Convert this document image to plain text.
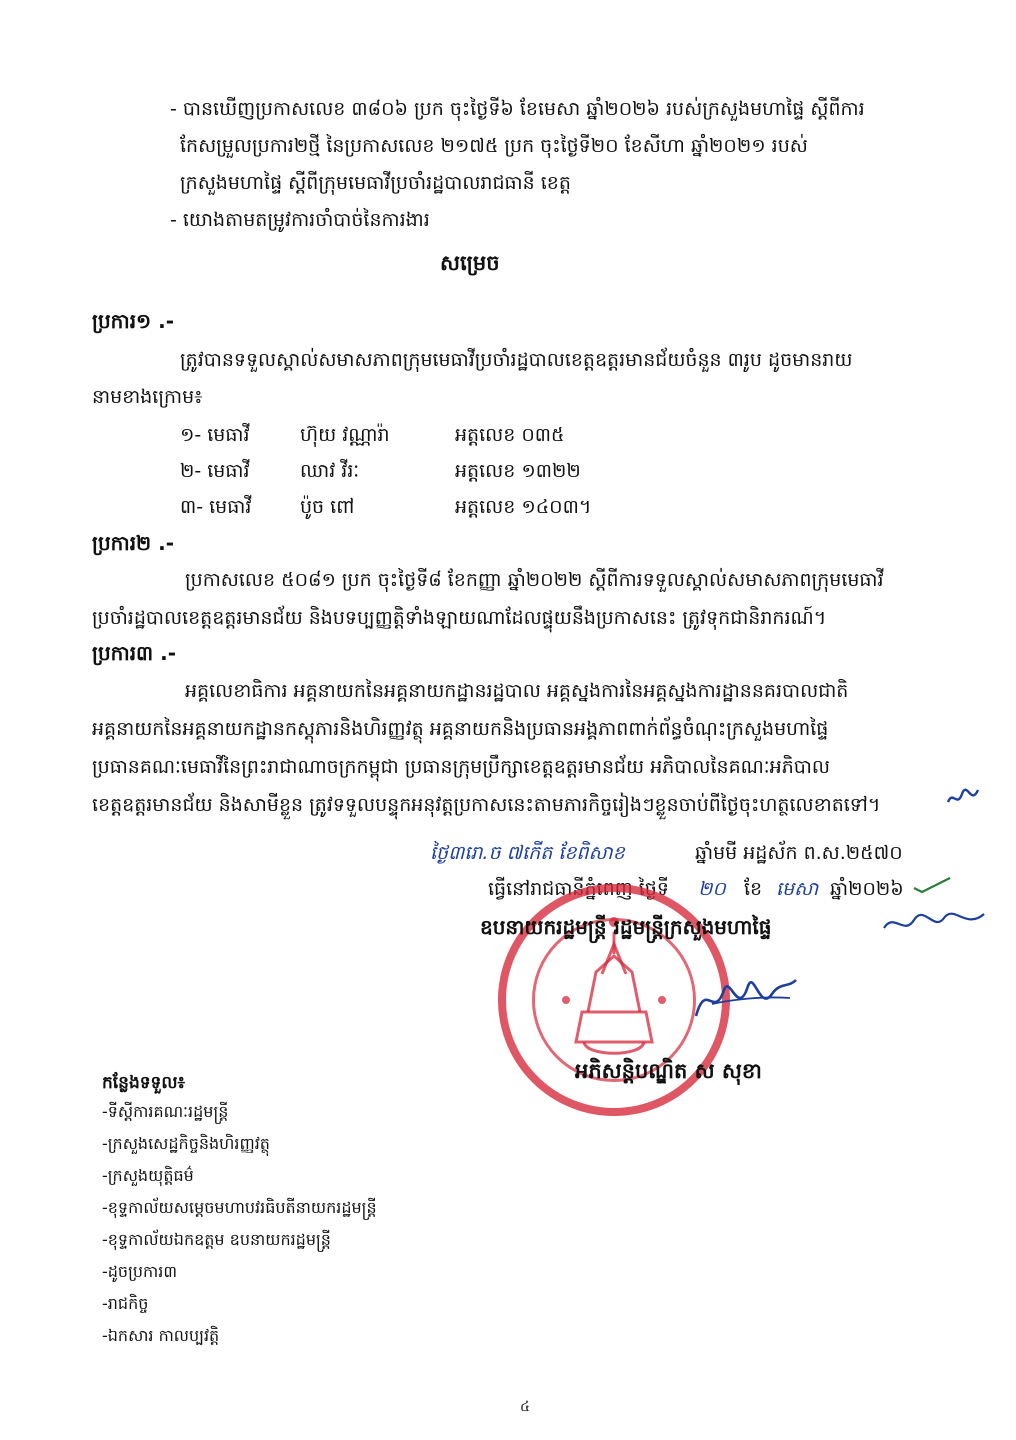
- បានឃើញប្រកាសលេខ ៣៨០៦ ប្រក ចុះថ្ងៃទី៦ ខែមេសា ឆ្នាំ២០២៦ របស់ក្រសួងមហាផ្ទៃ ស្តីពីការ
កែសម្រួលប្រការ២ថ្មី នៃប្រកាសលេខ ២១៧៥ ប្រក ចុះថ្ងៃទី២០ ខែសីហា ឆ្នាំ២០២១ របស់
ក្រសួងមហាផ្ទៃ ស្តីពីក្រុមមេធាវីប្រចាំរដ្ឋបាលរាជធានី ខេត្ត
- យោងតាមតម្រូវការចាំបាច់នៃការងារ
សម្រេច
ប្រការ១ .-
ត្រូវបានទទួលស្គាល់សមាសភាពក្រុមមេធាវីប្រចាំរដ្ឋបាលខេត្តឧត្តរមានជ័យចំនួន ៣រូប ដូចមានរាយ
នាមខាងក្រោម៖
១- មេធាវី	ហ៊ុយ វណ្ណារ៉ា	អត្តលេខ ០៣៥
២- មេធាវី	ឈាវ វីរៈ	អត្តលេខ ១៣២២
៣- មេធាវី	ប៉ូច ពៅ	អត្តលេខ ១៤០៣។
ប្រការ២ .-
ប្រកាសលេខ ៥០៨១ ប្រក ចុះថ្ងៃទី៨ ខែកញ្ញា ឆ្នាំ២០២២ ស្តីពីការទទួលស្គាល់សមាសភាពក្រុមមេធាវី
ប្រចាំរដ្ឋបាលខេត្តឧត្តរមានជ័យ និងបទប្បញ្ញត្តិទាំងឡាយណាដែលផ្ទុយនឹងប្រកាសនេះ ត្រូវទុកជានិរាករណ៍។
ប្រការ៣ .-
អគ្គលេខាធិការ អគ្គនាយកនៃអគ្គនាយកដ្ឋានរដ្ឋបាល អគ្គស្នងការនៃអគ្គស្នងការដ្ឋាននគរបាលជាតិ
អគ្គនាយកនៃអគ្គនាយកដ្ឋានកស្តុភារនិងហិរញ្ញវត្ថុ អគ្គនាយកនិងប្រធានអង្គភាពពាក់ព័ន្ធចំណុះក្រសួងមហាផ្ទៃ
ប្រធានគណៈមេធាវីនៃព្រះរាជាណាចក្រកម្ពុជា ប្រធានក្រុមប្រឹក្សាខេត្តឧត្តរមានជ័យ អភិបាលនៃគណៈអភិបាល
ខេត្តឧត្តរមានជ័យ និងសាមីខ្លួន ត្រូវទទួលបន្ទុកអនុវត្តប្រកាសនេះតាមភារកិច្ចរៀងៗខ្លួនចាប់ពីថ្ងៃចុះហត្ថលេខាតទៅ។
ថ្ងៃ៣រោ.ច ៧កើត ខែពិសាខ	ឆ្នាំមមី អដ្ឋស័ក ព.ស.២៥៧០
ធ្វើនៅរាជធានីភ្នំពេញ ថ្ងៃទី ២០ ខែ មេសា ឆ្នាំ២០២៦
ឧបនាយករដ្ឋមន្ត្រី រដ្ឋមន្ត្រីក្រសួងមហាផ្ទៃ
អភិសន្តិបណ្ឌិត ស សុខា
កន្លែងទទួល៖
-ទីស្តីការគណៈរដ្ឋមន្ត្រី
-ក្រសួងសេដ្ឋកិច្ចនិងហិរញ្ញវត្ថុ
-ក្រសួងយុត្តិធម៌
-ខុទ្ទកាល័យសម្តេចមហាបវរធិបតីនាយករដ្ឋមន្ត្រី
-ខុទ្ទកាល័យឯកឧត្តម ឧបនាយករដ្ឋមន្ត្រី
-ដូចប្រការ៣
-រាជកិច្ច
-ឯកសារ កាលប្បវត្តិ
៤
